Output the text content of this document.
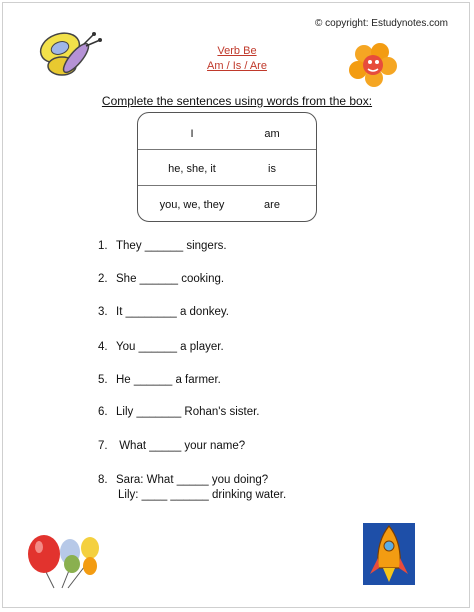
© copyright: Estudynotes.com
Verb Be
Am / Is / Are
Complete the sentences using words from the box:
I	am
he, she, it	is
you, we, they	are
1. They ______ singers.
2. She ______ cooking.
3. It ________ a donkey.
4. You ______ a player.
5. He ______ a farmer.
6. Lily _______ Rohan's sister.
7. What _____ your name?
8. Sara: What _____ you doing?
Lily: ____ ______ drinking water.
